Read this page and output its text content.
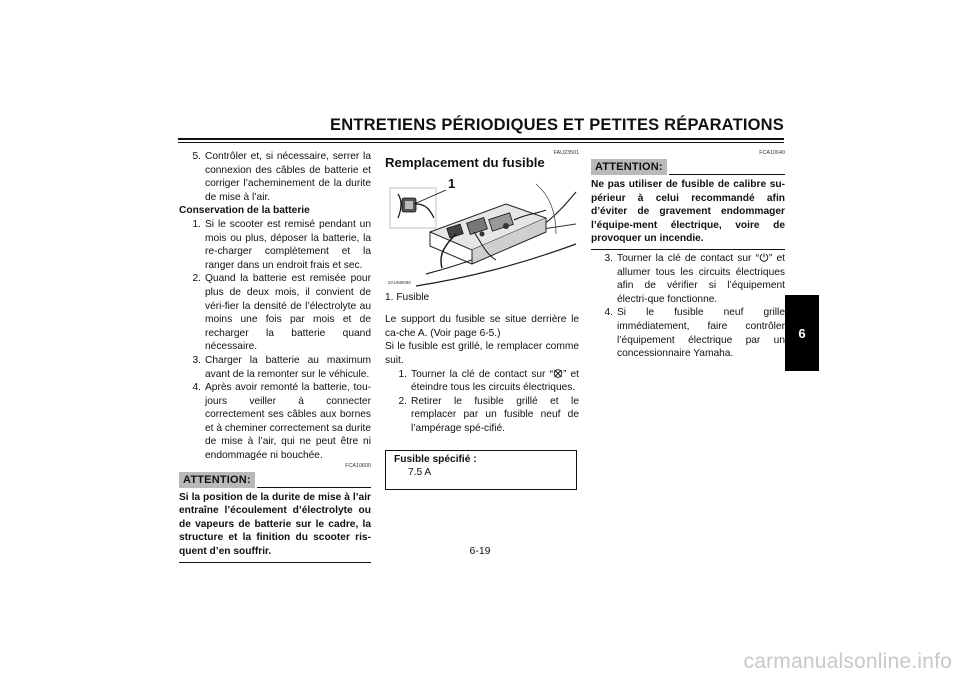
ENTRETIENS PÉRIODIQUES ET PETITES RÉPARATIONS
5. Contrôler et, si nécessaire, serrer la connexion des câbles de batterie et corriger l’acheminement de la durite de mise à l’air.

Conservation de la batterie

1. Si le scooter est remisé pendant un mois ou plus, déposer la batterie, la re-charger complètement et la ranger dans un endroit frais et sec.
2. Quand la batterie est remisée pour plus de deux mois, il convient de véri-fier la densité de l’électrolyte au moins une fois par mois et de recharger la batterie quand nécessaire.
3. Charger la batterie au maximum avant de la remonter sur le véhicule.
4. Après avoir remonté la batterie, tou-jours veiller à connecter correctement ses câbles aux bornes et à cheminer correctement sa durite de mise à l’air, qui ne peut être ni endommagée ni bouchée.
FCA10600
ATTENTION:
Si la position de la durite de mise à l’air entraîne l’écoulement d’électrolyte ou de vapeurs de batterie sur le cadre, la structure et la finition du scooter ris-quent d’en souffrir.
FAU23501
Remplacement du fusible
1
ZAUM0090

1. Fusible

Le support du fusible se situe derrière le ca-che A. (Voir page 6-5.)

Si le fusible est grillé, le remplacer comme suit.

1. Tourner la clé de contact sur “ ” et éteindre tous les circuits électriques.
2. Retirer le fusible grillé et le remplacer par un fusible neuf de l’ampérage spé-cifié.
Fusible spécifié :
7.5 A
FCA10640
ATTENTION:
Ne pas utiliser de fusible de calibre su-périeur à celui recommandé afin d’éviter de gravement endommager l’équipe-ment électrique, voire de provoquer un incendie.
3. Tourner la clé de contact sur “ ” et allumer tous les circuits électriques afin de vérifier si l’équipement électri-que fonctionne.
4. Si le fusible neuf grille immédiatement, faire contrôler l’équipement électrique par un concessionnaire Yamaha.
6
6-19
carmanualsonline.info
